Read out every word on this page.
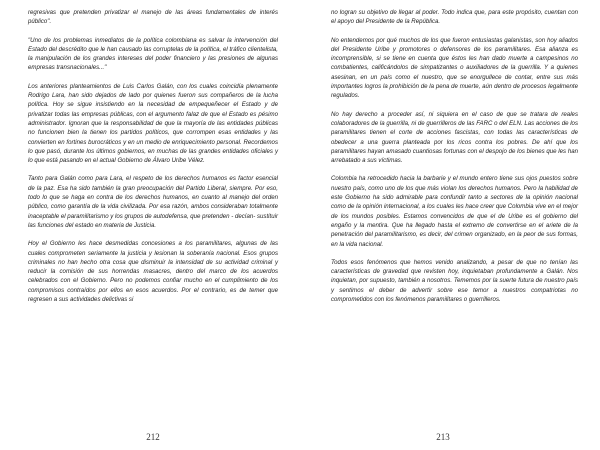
regresivas que pretenden privatizar el manejo de las áreas fundamentales de interés público".

"Uno de los problemas inmediatos de la política colombiana es salvar la intervención del Estado del descrédito que le han causado las corruptelas de la política, el tráfico clientelista, la manipulación de los grandes intereses del poder financiero y las presiones de algunas empresas transnacionales..."

Los anteriores planteamientos de Luis Carlos Galán, con los cuales coincidía plenamente Rodrigo Lara, han sido dejados de lado por quienes fueron sus compañeros de la lucha política. Hoy se sigue insistiendo en la necesidad de empequeñecer el Estado y de privatizar todas las empresas públicas, con el argumento falaz de que el Estado es pésimo administrador. Ignoran que la responsabilidad de que la mayoría de las entidades públicas no funcionen bien la tienen los partidos políticos, que corrompen esas entidades y las convierten en fortines burocráticos y en un medio de enriquecimiento personal. Recordemos lo que pasó, durante los últimos gobiernos, en muchas de las grandes entidades oficiales y lo que está pasando en el actual Gobierno de Álvaro Uribe Vélez.

Tanto para Galán como para Lara, el respeto de los derechos humanos es factor esencial de la paz. Esa ha sido también la gran preocupación del Partido Liberal, siempre. Por eso, todo lo que se haga en contra de los derechos humanos, en cuanto al manejo del orden público, como garantía de la vida civilizada. Por esa razón, ambos consideraban totalmente inaceptable el paramilitarismo y los grupos de autodefensa, que pretenden - decían- sustituir las funciones del estado en materia de Justicia.

Hoy el Gobierno les hace desmedidas concesiones a los paramilitares, algunas de las cuales comprometen seriamente la justicia y lesionan la soberanía nacional. Esos grupos criminales no han hecho otra cosa que disminuir la intensidad de su actividad criminal y reducir la comisión de sus horrendas masacres, dentro del marco de los acuerdos celebrados con el Gobierno. Pero no podemos confiar mucho en el cumplimiento de los compromisos contraídos por ellos en esos acuerdos. Por el contrario, es de temer que regresen a sus actividades delictivas si

212

no logran su objetivo de llegar al poder. Todo indica que, para este propósito, cuentan con el apoyo del Presidente de la República.

No entendemos por qué muchos de los que fueron entusiastas galanistas, son hoy aliados del Presidente Uribe y promotores o defensores de los paramilitares. Esa alianza es incomprensible, si se tiene en cuenta que éstos les han dado muerte a campesinos no combatientes, calificándolos de simpatizantes o auxiliadores de la guerrilla. Y a quienes asesinan, en un país como el nuestro, que se enorgullece de contar, entre sus más importantes logros la prohibición de la pena de muerte, aún dentro de procesos legalmente regulados.

No hay derecho a proceder así, ni siquiera en el caso de que se tratara de reales colaboradores de la guerrilla, ni de guerrilleros de las FARC o del ELN. Las acciones de los paramilitares tienen el corte de acciones fascistas, con todas las características de obedecer a una guerra planteada por los ricos contra los pobres. De ahí que los paramilitares hayan amasado cuantiosas fortunas con el despojo de los bienes que les han arrebatado a sus víctimas.

Colombia ha retrocedido hacia la barbarie y el mundo entero tiene sus ojos puestos sobre nuestro país, como uno de los que más violan los derechos humanos. Pero la habilidad de este Gobierno ha sido admirable para confundir tanto a sectores de la opinión nacional como de la opinión internacional, a los cuales les hace creer que Colombia vive en el mejor de los mundos posibles. Estamos convencidos de que el de Uribe es el gobierno del engaño y la mentira. Que ha llegado hasta el extremo de convertirse en el ariete de la penetración del paramilitarismo, es decir, del crimen organizado, en la peor de sus formas, en la vida nacional.

Todos esos fenómenos que hemos venido analizando, a pesar de que no tenían las características de gravedad que revisten hoy, inquietaban profundamente a Galán. Nos inquietan, por supuesto, también a nosotros. Tememos por la suerte futura de nuestro país y sentimos el deber de advertir sobre ese temor a nuestros compatriotas no comprometidos con los fenómenos paramilitares o guerrilleros.

213
